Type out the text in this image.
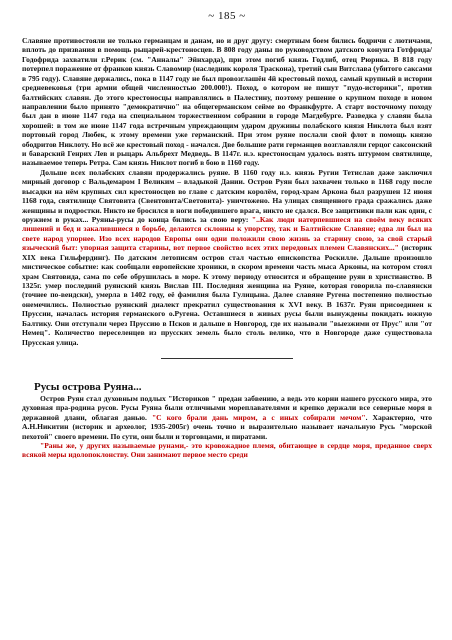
~ 185 ~

Славяне противостояли не только германцам и данам, но и друг другу: смертным боем бились бодричи с лютичами, вплоть до призвания в помощь рыцарей-крестоносцев. В 808 году даны по руководством датского конунга Готфрида/Годофрида захватили г.Рерик (см. "Анналы" Эйнхарда), при этом погиб князь Годлиб, отец Рюрика. В 818 году потерпел поражение от франков князь Славомир (наследник короля Траскона), третий сын Витслава (убитого саксами в 795 году). Славяне держались, пока в 1147 году не был провозглашён 4й крестовый поход, самый крупный в истории средневековья (три армии общей численностью 200.000!). Поход, о котором не пишут "пудо-историки", против балтийских славян. До этого крестоносцы направлялись в Палестину, поэтому решение о крупном походе в новом направлении было принято "демократично" на общегерманском сейме во Франкфурте. А старт восточному походу был дан в июне 1147 года на специальном торжественном собрании в городе Магдебурге. Разведка у славян была хорошей: в том же июне 1147 года встречным упреждающим ударом дружины полабского князя Никлота был взят портовый город Любек, к этому времени уже германский. При этом руяне послали свой флот в помощь князю ободритов Никлоту. Но всё же крестовый поход - начался. Две большие рати германцев возглавляли герцог саксонский и баварский Генрих Лев и рыцарь Альбрехт Медведь. В 1147г. н.э. крестоносцам удалось взять штурмом святилище, называемое теперь Ретра. Сам князь Никлот погиб в бою в 1160 году.

Дольше всех полабских славян продержались руяне. В 1160 году н.э. князь Ругии Тетислав даже заключил мирный договор с Вальдемаром I Великим – владыкой Дании. Остров Руян был захвачен только в 1168 году после высадки на нём крупных сил крестоносцев во главе с датским королём, город-храм Аркона был разрушен 12 июня 1168 года, святилище Святовита (Свентовита/Световита)- уничтожено. На улицах священного града сражались даже женщины и подростки. Никто не бросился в ноги победившего врага, никто не сдался. Все защитники пали как один, с оружием в руках... Руяны-русы до конца бились за свою веру: "..Как люди натерпевшиеся на своём веку всяких лишений и бед и закалившиеся в борьбе, делаются склонны к упорству, так и Балтийские Славяне; едва ли был на свете народ упорнее. Изо всех народов Европы они одни положили свою жизнь за старину свою, за свой старый языческий быт: упорная защита старины, вот первое свойство всех этих передовых племен Славянских..." (историк XIX века Гильфердинг). По датским летописям остров стал частью епископства Роскилле. Дальше произошло мистическое событие: как сообщали европейские хроники, в скором времени часть мыса Арконы, на котором стоял храм Святовида, сама по себе обрушилась в море. К этому периоду относится и обращение руян в христианство. В 1325г. умер последний руянский князь Вислав III. Последняя женщина на Руяне, которая говорила по-славянски (точнее по-вендски), умерла в 1402 году, её фамилия была Гулицына. Далее славяне Ругена постепенно полностью онемечились. Полностью руянский диалект прекратил существования к XVI веку. В 1637г. Руян присоединен к Пруссии, началась история германского о.Ругена. Оставшиеся в живых русы были вынуждены покидать южную Балтику. Они отступали через Пруссию в Псков и дальше в Новгород, где их называли "выезжими от Прус" или "от Немец". Количество переселенцев из прусских земель было столь велико, что в Новгороде даже существовала Прусская улица.

Русы острова Руяна...

Остров Руян стал духовным подлых "Историков " предан забвению, а ведь это корни нашего русского мира, это духовная пра-родина русов. Русы Руяна были отличными мореплавателями и крепко держали все северные моря в державной длани, облагая данью. "С кого брали дань миром, а с иных собирали мечом". Характерно, что А.Н.Никитин (историк и археолог, 1935-2005г) очень точно и выразительно называет начальную Русь "морской пехотой" своего времени. По сути, они были и торговцами, и пиратами.

"Раны же, у других называемые рунами,- это кровожадное племя, обитающее в сердце моря, преданное сверх всякой меры идолопоклонству. Они занимают первое место среди
